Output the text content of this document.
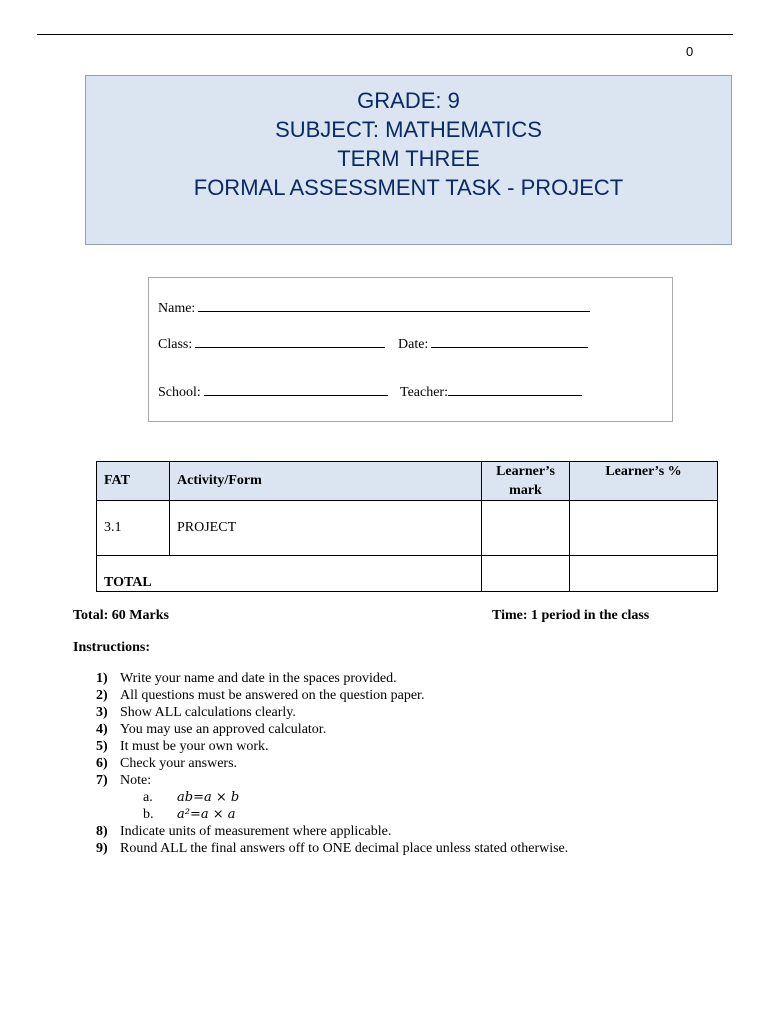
0
GRADE: 9
SUBJECT: MATHEMATICS
TERM THREE
FORMAL ASSESSMENT TASK - PROJECT
Name:
Class:	Date:
School:	Teacher:
FAT	Activity/Form	Learner’s mark	Learner’s %
3.1	PROJECT		
TOTAL			
Total: 60 Marks	Time: 1 period in the class
Instructions:
1) Write your name and date in the spaces provided.
2) All questions must be answered on the question paper.
3) Show ALL calculations clearly.
4) You may use an approved calculator.
5) It must be your own work.
6) Check your answers.
7) Note:
a. ab=a × b
b. a²=a × a
8) Indicate units of measurement where applicable.
9) Round ALL the final answers off to ONE decimal place unless stated otherwise.
